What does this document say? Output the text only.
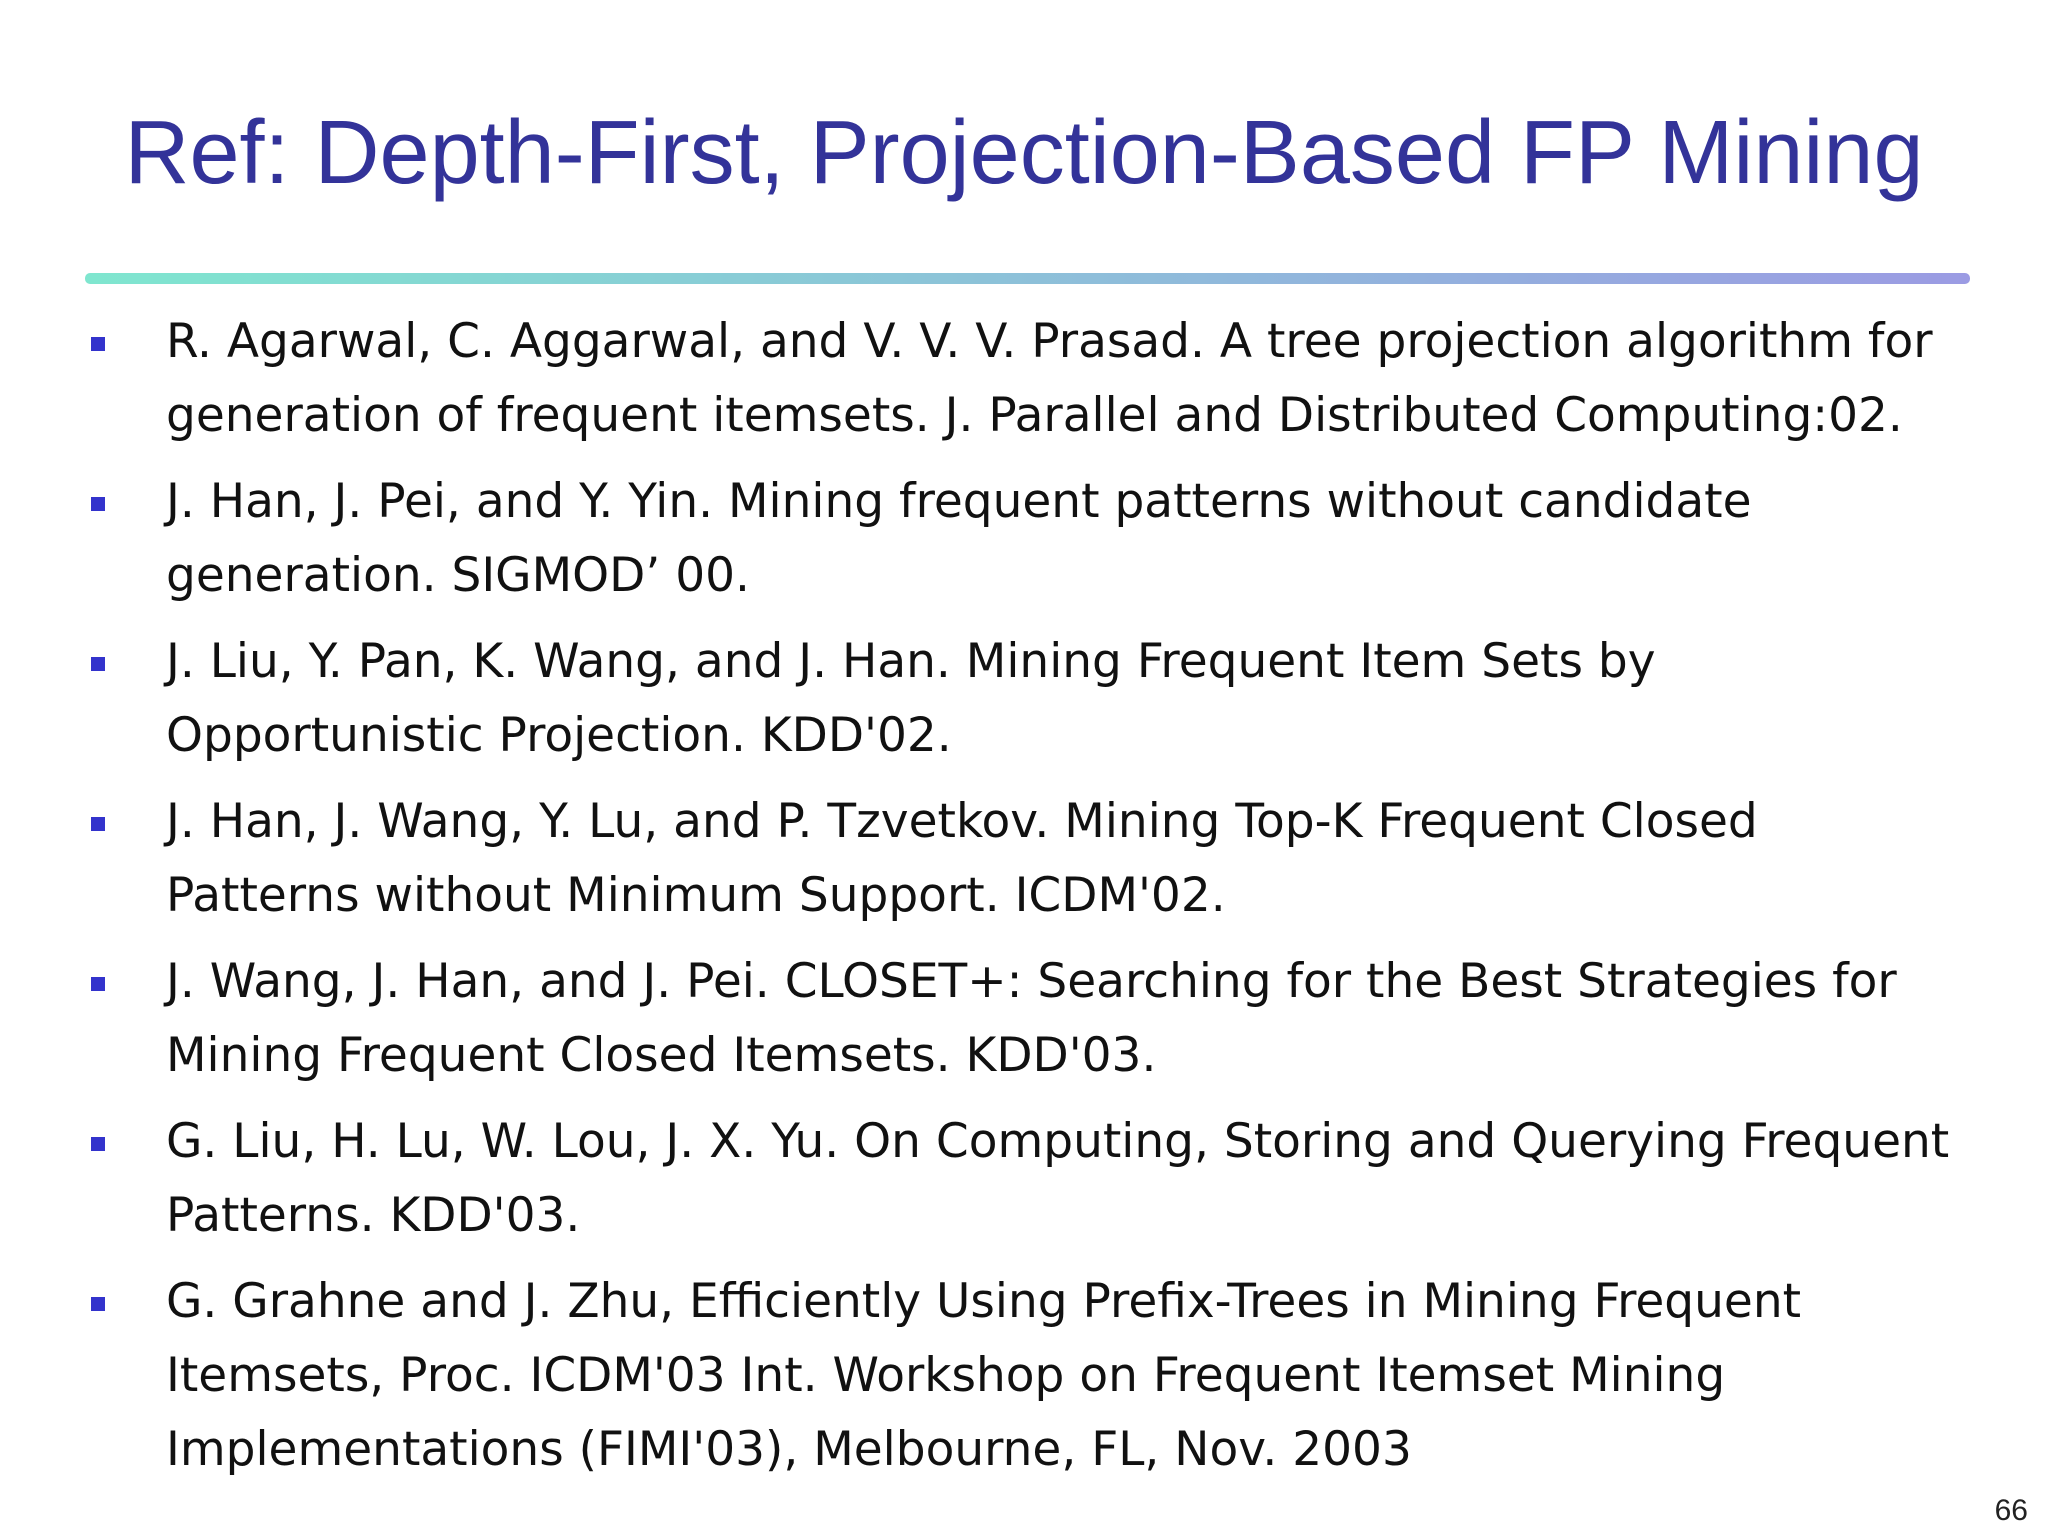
Ref: Depth-First, Projection-Based FP Mining
R. Agarwal, C. Aggarwal, and V. V. V. Prasad. A tree projection algorithm for
generation of frequent itemsets. J. Parallel and Distributed Computing:02.
J. Han, J. Pei, and Y. Yin. Mining frequent patterns without candidate
generation. SIGMOD’ 00.
J. Liu, Y. Pan, K. Wang, and J. Han. Mining Frequent Item Sets by
Opportunistic Projection. KDD'02.
J. Han, J. Wang, Y. Lu, and P. Tzvetkov. Mining Top-K Frequent Closed
Patterns without Minimum Support. ICDM'02.
J. Wang, J. Han, and J. Pei. CLOSET+: Searching for the Best Strategies for
Mining Frequent Closed Itemsets. KDD'03.
G. Liu, H. Lu, W. Lou, J. X. Yu. On Computing, Storing and Querying Frequent
Patterns. KDD'03.
G. Grahne and J. Zhu, Efficiently Using Prefix-Trees in Mining Frequent
Itemsets, Proc. ICDM'03 Int. Workshop on Frequent Itemset Mining
Implementations (FIMI'03), Melbourne, FL, Nov. 2003
66
